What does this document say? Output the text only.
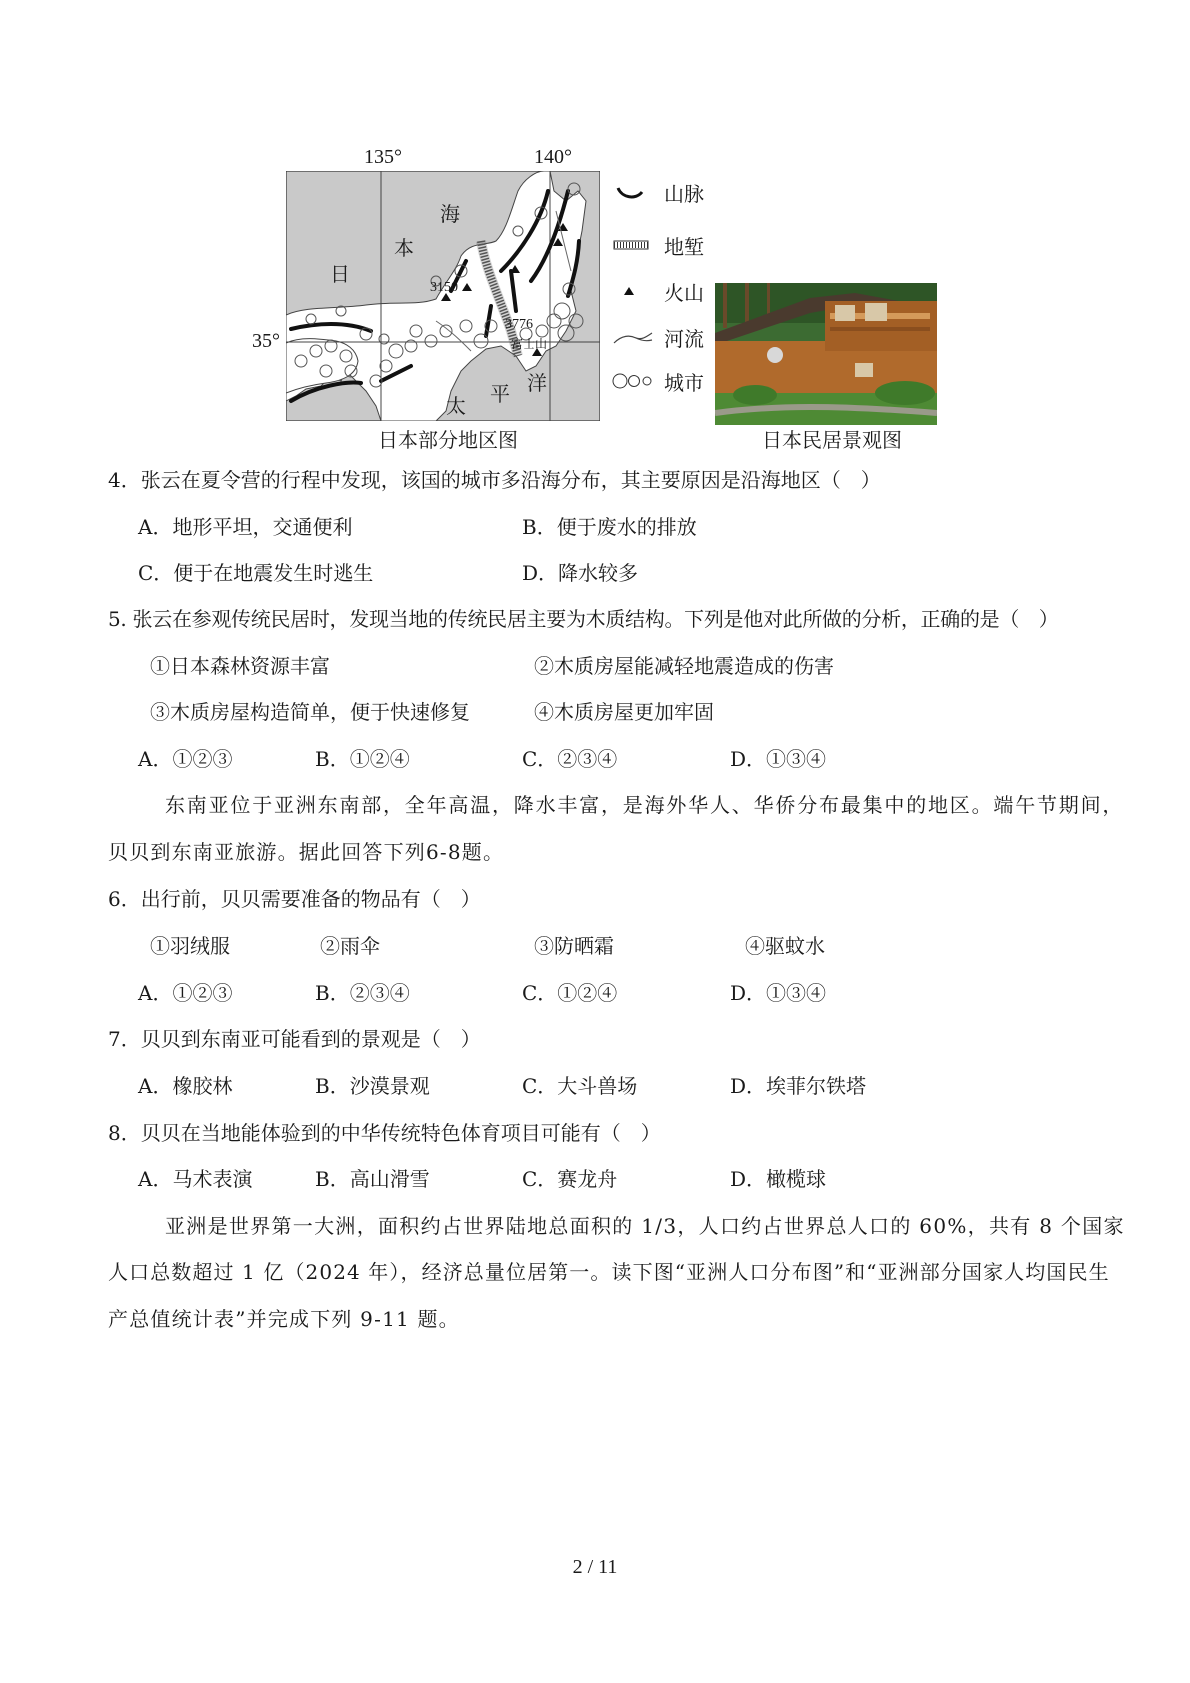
135°	140°
35°
日
本
海
太 平 洋
3150
3776
富士山
山脉
地堑
火山
河流
城市
日本部分地区图	日本民居景观图
4．张云在夏令营的行程中发现，该国的城市多沿海分布，其主要原因是沿海地区（　）
A．地形平坦，交通便利	B．便于废水的排放
C．便于在地震发生时逃生	D．降水较多
5. 张云在参观传统民居时，发现当地的传统民居主要为木质结构。下列是他对此所做的分析，正确的是（　）
①日本森林资源丰富	②木质房屋能减轻地震造成的伤害
③木质房屋构造简单，便于快速修复	④木质房屋更加牢固
A．①②③	B．①②④	C．②③④	D．①③④
东南亚位于亚洲东南部，全年高温，降水丰富，是海外华人、华侨分布最集中的地区。端午节期间，
贝贝到东南亚旅游。据此回答下列6-8题。
6．出行前，贝贝需要准备的物品有（　）
①羽绒服	②雨伞	③防晒霜	④驱蚊水
A．①②③	B．②③④	C．①②④	D．①③④
7．贝贝到东南亚可能看到的景观是（　）
A．橡胶林	B．沙漠景观	C．大斗兽场	D．埃菲尔铁塔
8．贝贝在当地能体验到的中华传统特色体育项目可能有（　）
A．马术表演	B．高山滑雪	C．赛龙舟	D．橄榄球
亚洲是世界第一大洲，面积约占世界陆地总面积的 1/3，人口约占世界总人口的 60%，共有 8 个国家
人口总数超过 1 亿（2024 年），经济总量位居第一。读下图“亚洲人口分布图”和“亚洲部分国家人均国民生
产总值统计表”并完成下列 9-11 题。
2 / 11
